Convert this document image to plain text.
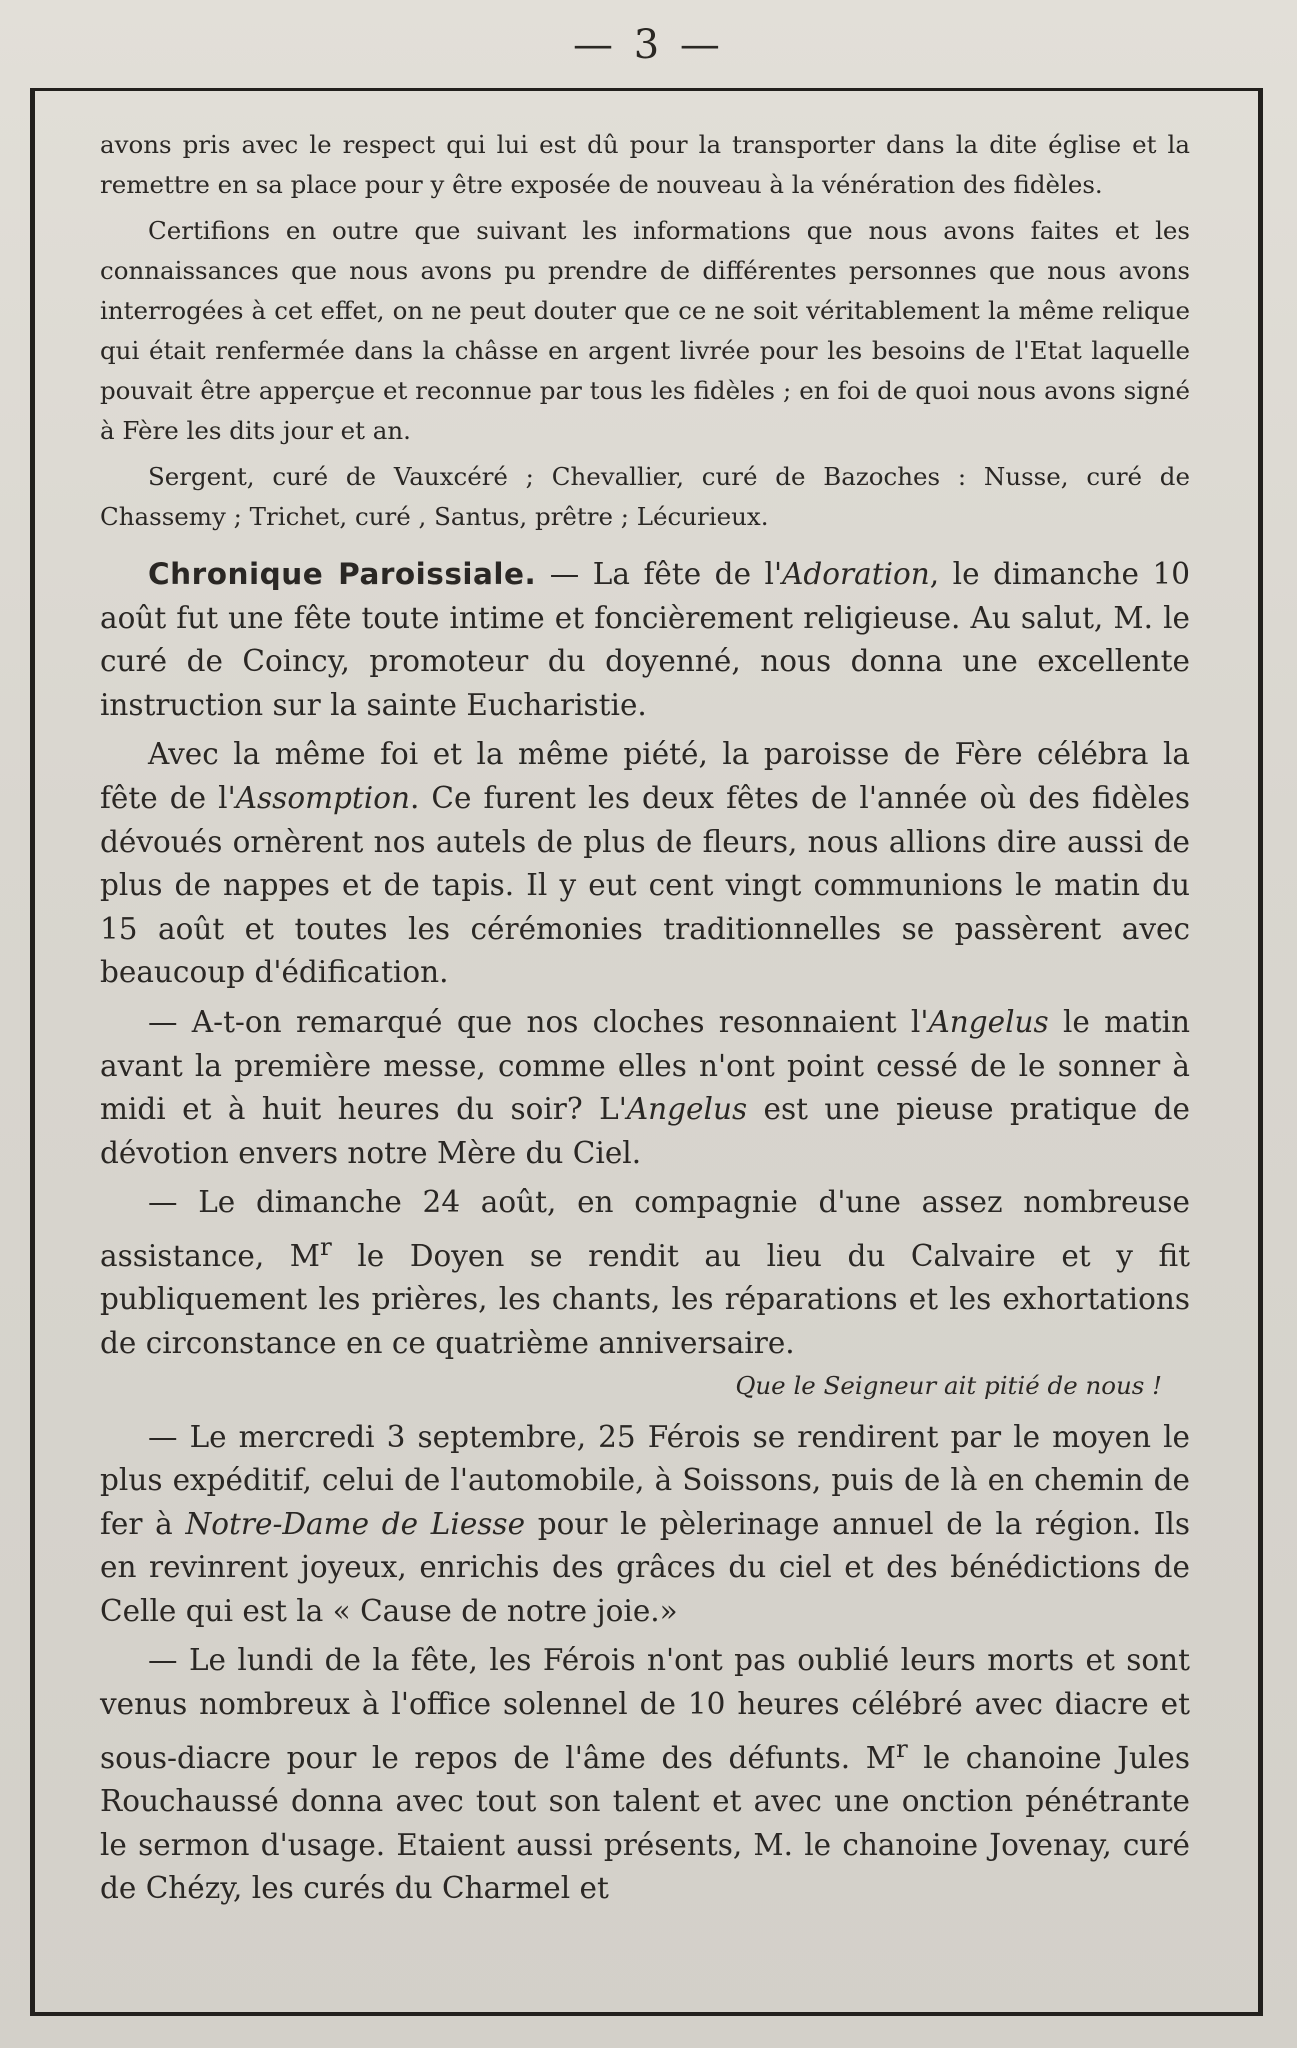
— 3 —

avons pris avec le respect qui lui est dû pour la transporter dans la dite église et la remettre en sa place pour y être exposée de nouveau à la vénération des fidèles.

Certifions en outre que suivant les informations que nous avons faites et les connaissances que nous avons pu prendre de différentes personnes que nous avons interrogées à cet effet, on ne peut douter que ce ne soit véritablement la même relique qui était renfermée dans la châsse en argent livrée pour les besoins de l'Etat laquelle pouvait être apperçue et reconnue par tous les fidèles ; en foi de quoi nous avons signé à Fère les dits jour et an.

Sergent, curé de Vauxcéré ; Chevallier, curé de Bazoches : Nusse, curé de Chassemy ; Trichet, curé , Santus, prêtre ; Lécurieux.

Chronique Paroissiale. — La fête de l'Adoration, le dimanche 10 août fut une fête toute intime et foncièrement religieuse. Au salut, M. le curé de Coincy, promoteur du doyenné, nous donna une excellente instruction sur la sainte Eucharistie.

Avec la même foi et la même piété, la paroisse de Fère célébra la fête de l'Assomption. Ce furent les deux fêtes de l'année où des fidèles dévoués ornèrent nos autels de plus de fleurs, nous allions dire aussi de plus de nappes et de tapis. Il y eut cent vingt communions le matin du 15 août et toutes les cérémonies traditionnelles se passèrent avec beaucoup d'édification.

— A-t-on remarqué que nos cloches resonnaient l'Angelus le matin avant la première messe, comme elles n'ont point cessé de le sonner à midi et à huit heures du soir? L'Angelus est une pieuse pratique de dévotion envers notre Mère du Ciel.

— Le dimanche 24 août, en compagnie d'une assez nombreuse assistance, $M^r$ le Doyen se rendit au lieu du Calvaire et y fit publiquement les prières, les chants, les réparations et les exhortations de circonstance en ce quatrième anniversaire.

Que le Seigneur ait pitié de nous !

— Le mercredi 3 septembre, 25 Férois se rendirent par le moyen le plus expéditif, celui de l'automobile, à Soissons, puis de là en chemin de fer à Notre-Dame de Liesse pour le pèlerinage annuel de la région. Ils en revinrent joyeux, enrichis des grâces du ciel et des bénédictions de Celle qui est la « Cause de notre joie.»

— Le lundi de la fête, les Férois n'ont pas oublié leurs morts et sont venus nombreux à l'office solennel de 10 heures célébré avec diacre et sous-diacre pour le repos de l'âme des défunts. $M^r$ le chanoine Jules Rouchaussé donna avec tout son talent et avec une onction pénétrante le sermon d'usage. Etaient aussi présents, M. le chanoine Jovenay, curé de Chézy, les curés du Charmel et
